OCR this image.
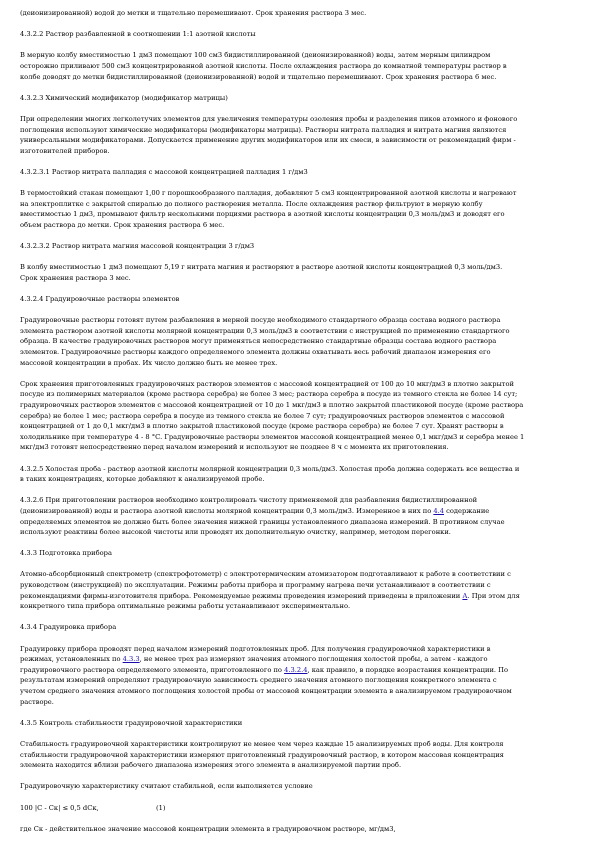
(деионизированной) водой до метки и тщательно перемешивают. Срок хранения раствора 3 мес.
4.3.2.2 Раствор разбавленной в соотношении 1:1 азотной кислоты
В мерную колбу вместимостью 1 дм3 помещают 100 см3 бидистиллированной (деионизированной) воды, затем мерным цилиндром
осторожно приливают 500 см3 концентрированной азотной кислоты. После охлаждения раствора до комнатной температуры раствор в
колбе доводят до метки бидистиллированной (деионизированной) водой и тщательно перемешивают. Срок хранения раствора 6 мес.
4.3.2.3 Химический модификатор (модификатор матрицы)
При определении многих легколетучих элементов для увеличения температуры озоления пробы и разделения пиков атомного и фонового
поглощения используют химические модификаторы (модификаторы матрицы). Растворы нитрата палладия и нитрата магния являются
универсальными модификаторами. Допускается применение других модификаторов или их смеси, в зависимости от рекомендаций фирм -
изготовителей приборов.
4.3.2.3.1 Раствор нитрата палладия с массовой концентрацией палладия 1 г/дм3
В термостойкий стакан помещают 1,00 г порошкообразного палладия, добавляют 5 см3 концентрированной азотной кислоты и нагревают
на электроплитке с закрытой спиралью до полного растворения металла. После охлаждения раствор фильтруют в мерную колбу
вместимостью 1 дм3, промывают фильтр несколькими порциями раствора в азотной кислоты концентрации 0,3 моль/дм3 и доводят его
объем раствора до метки. Срок хранения раствора 6 мес.
4.3.2.3.2 Раствор нитрата магния массовой концентрации 3 г/дм3
В колбу вместимостью 1 дм3 помещают 5,19 г нитрата магния и растворяют в растворе азотной кислоты концентрацией 0,3 моль/дм3.
Срок хранения раствора 3 мес.
4.3.2.4 Градуировочные растворы элементов
Градуировочные растворы готовят путем разбавления в мерной посуде необходимого стандартного образца состава водного раствора
элемента раствором азотной кислоты молярной концентрации 0,3 моль/дм3 в соответствии с инструкцией по применению стандартного
образца. В качестве градуировочных растворов могут применяться непосредственно стандартные образцы состава водного раствора
элементов. Градуировочные растворы каждого определяемого элемента должны охватывать весь рабочий диапазон измерения его
массовой концентрации в пробах. Их число должно быть не менее трех.
Срок хранения приготовленных градуировочных растворов элементов с массовой концентрацией от 100 до 10 мкг/дм3 в плотно закрытой
посуде из полимерных материалов (кроме раствора серебра) не более 3 мес; раствора серебра в посуде из темного стекла не более 14 сут;
градуировочных растворов элементов с массовой концентрацией от 10 до 1 мкг/дм3 в плотно закрытой пластиковой посуде (кроме раствора
серебра) не более 1 мес; раствора серебра в посуде из темного стекла не более 7 сут; градуировочных растворов элементов с массовой
концентрацией от 1 до 0,1 мкг/дм3 в плотно закрытой пластиковой посуде (кроме раствора серебра) не более 7 сут. Хранят растворы в
холодильнике при температуре 4 - 8 °С. Градуировочные растворы элементов массовой концентрацией менее 0,1 мкг/дм3 и серебра менее 1
мкг/дм3 готовят непосредственно перед началом измерений и используют не позднее 8 ч с момента их приготовления.
4.3.2.5 Холостая проба - раствор азотной кислоты молярной концентрации 0,3 моль/дм3. Холостая проба должна содержать все вещества и
в таких концентрациях, которые добавляют к анализируемой пробе.
4.3.2.6 При приготовлении растворов необходимо контролировать чистоту применяемой для разбавления бидистиллированной
(деионизированной) воды и раствора азотной кислоты молярной концентрации 0,3 моль/дм3. Измеренное в них по 4.4 содержание
определяемых элементов не должно быть более значения нижней границы установленного диапазона измерений. В противном случае
используют реактивы более высокой чистоты или проводят их дополнительную очистку, например, методом перегонки.
4.3.3 Подготовка прибора
Атомно-абсорбционный спектрометр (спектрофотометр) с электротермическим атомизатором подготавливают к работе в соответствии с
руководством (инструкцией) по эксплуатации. Режимы работы прибора и программу нагрева печи устанавливают в соответствии с
рекомендациями фирмы-изготовителя прибора. Рекомендуемые режимы проведения измерений приведены в приложении А. При этом для
конкретного типа прибора оптимальные режимы работы устанавливают экспериментально.
4.3.4 Градуировка прибора
Градуировку прибора проводят перед началом измерений подготовленных проб. Для получения градуировочной характеристики в
режимах, установленных по 4.3.3, не менее трех раз измеряют значения атомного поглощения холостой пробы, а затем - каждого
градуировочного раствора определяемого элемента, приготовленного по 4.3.2.4, как правило, в порядке возрастания концентрации. По
результатам измерений определяют градуировочную зависимость среднего значения атомного поглощения конкретного элемента с
учетом среднего значения атомного поглощения холостой пробы от массовой концентрации элемента в анализируемом градуировочном
растворе.
4.3.5 Контроль стабильности градуировочной характеристики
Стабильность градуировочной характеристики контролируют не менее чем через каждые 15 анализируемых проб воды. Для контроля
стабильности градуировочной характеристики измеряют приготовленный градуировочный раствор, в котором массовая концентрация
элемента находится вблизи рабочего диапазона измерения этого элемента в анализируемой партии проб.
Градуировочную характеристику считают стабильной, если выполняется условие
100 |C - Ск| ≤ 0,5 dCк,	(1)
где Ск - действительное значение массовой концентрации элемента в градуировочном растворе, мг/дм3,
